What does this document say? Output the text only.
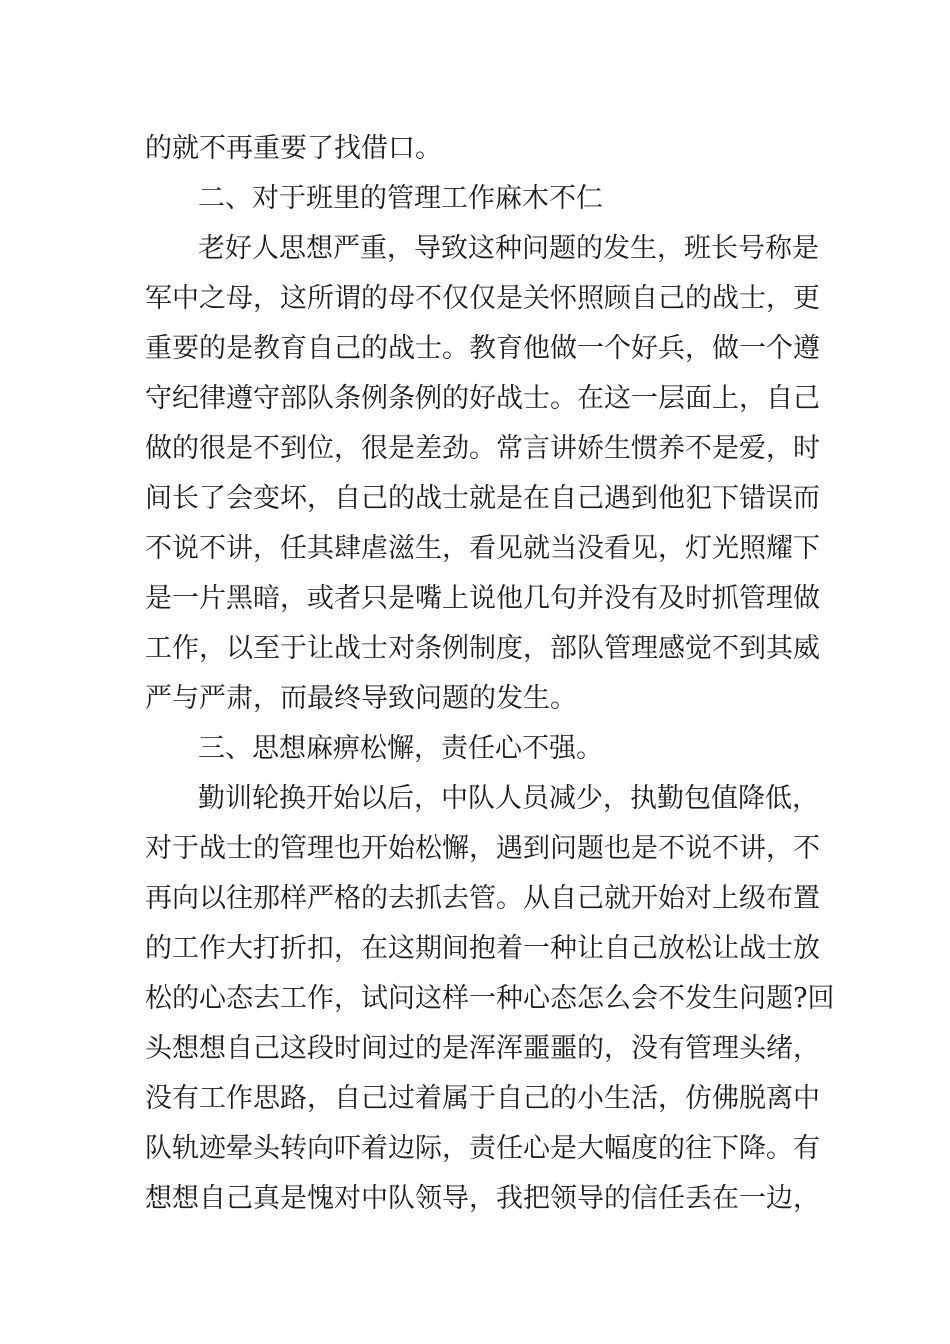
的就不再重要了找借口。
二、对于班里的管理工作麻木不仁
老好人思想严重，导致这种问题的发生，班长号称是
军中之母，这所谓的母不仅仅是关怀照顾自己的战士，更
重要的是教育自己的战士。教育他做一个好兵，做一个遵
守纪律遵守部队条例条例的好战士。在这一层面上，自己
做的很是不到位，很是差劲。常言讲娇生惯养不是爱，时
间长了会变坏，自己的战士就是在自己遇到他犯下错误而
不说不讲，任其肆虐滋生，看见就当没看见，灯光照耀下
是一片黑暗，或者只是嘴上说他几句并没有及时抓管理做
工作，以至于让战士对条例制度，部队管理感觉不到其威
严与严肃，而最终导致问题的发生。
三、思想麻痹松懈，责任心不强。
勤训轮换开始以后，中队人员减少，执勤包值降低，
对于战士的管理也开始松懈，遇到问题也是不说不讲，不
再向以往那样严格的去抓去管。从自己就开始对上级布置
的工作大打折扣，在这期间抱着一种让自己放松让战士放
松的心态去工作，试问这样一种心态怎么会不发生问题?回
头想想自己这段时间过的是浑浑噩噩的，没有管理头绪，
没有工作思路，自己过着属于自己的小生活，仿佛脱离中
队轨迹晕头转向吓着边际，责任心是大幅度的往下降。有
想想自己真是愧对中队领导，我把领导的信任丢在一边，
